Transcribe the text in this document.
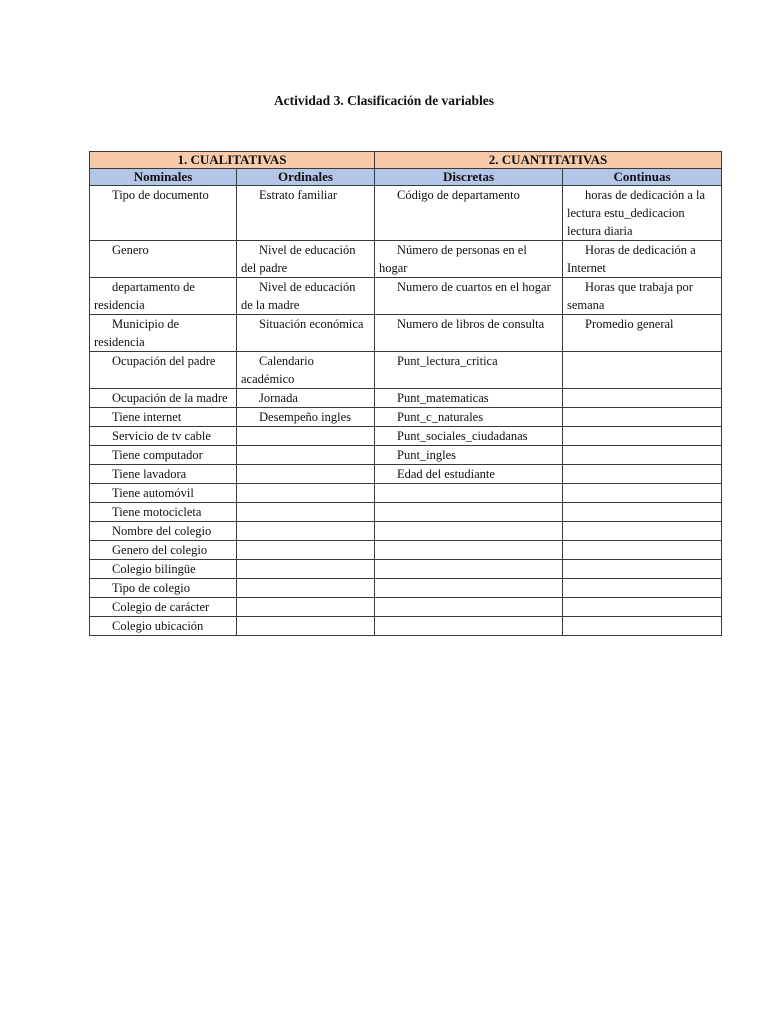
Actividad 3. Clasificación de variables
1. CUALITATIVAS		2. CUANTITATIVAS	
Nominales	Ordinales	Discretas	Continuas

Tipo de documento	Estrato familiar	Código de departamento	horas de dedicación a la lectura estu_dedicacion lectura diaria

Genero	Nivel de educación del padre	Número de personas en el hogar	Horas de dedicación a Internet

departamento de residencia	Nivel de educación de la madre	Numero de cuartos en el hogar	Horas que trabaja por semana

Municipio de residencia	Situación económica	Numero de libros de consulta	Promedio general

Ocupación del padre	Calendario académico	Punt_lectura_critica	

Ocupación de la madre	Jornada	Punt_matematicas	

Tiene internet	Desempeño ingles	Punt_c_naturales	

Servicio de tv cable		Punt_sociales_ciudadanas	

Tiene computador		Punt_ingles	

Tiene lavadora		Edad del estudiante	

Tiene automóvil			

Tiene motocicleta			

Nombre del colegio			

Genero del colegio			

Colegio bilingüe			

Tipo de colegio			

Colegio de carácter			

Colegio ubicación			
